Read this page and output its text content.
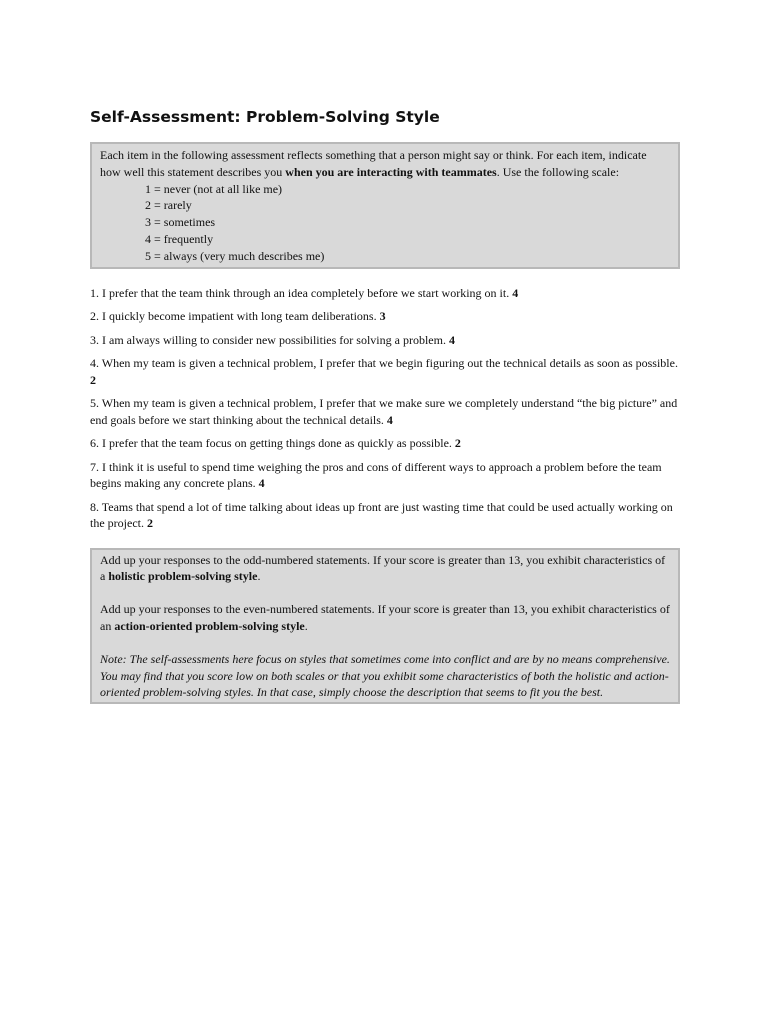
Self-Assessment: Problem-Solving Style

Each item in the following assessment reflects something that a person might say or think. For each item, indicate how well this statement describes you when you are interacting with teammates. Use the following scale:

1 = never (not at all like me)
2 = rarely
3 = sometimes
4 = frequently
5 = always (very much describes me)
1. I prefer that the team think through an idea completely before we start working on it. 4
2. I quickly become impatient with long team deliberations. 3
3. I am always willing to consider new possibilities for solving a problem. 4
4. When my team is given a technical problem, I prefer that we begin figuring out the technical details as soon as possible. 2
5. When my team is given a technical problem, I prefer that we make sure we completely understand “the big picture” and end goals before we start thinking about the technical details. 4
6. I prefer that the team focus on getting things done as quickly as possible. 2
7. I think it is useful to spend time weighing the pros and cons of different ways to approach a problem before the team begins making any concrete plans. 4
8. Teams that spend a lot of time talking about ideas up front are just wasting time that could be used actually working on the project. 2

Add up your responses to the odd-numbered statements. If your score is greater than 13, you exhibit characteristics of a holistic problem-solving style.

Add up your responses to the even-numbered statements. If your score is greater than 13, you exhibit characteristics of an action-oriented problem-solving style.

Note: The self-assessments here focus on styles that sometimes come into conflict and are by no means comprehensive. You may find that you score low on both scales or that you exhibit some characteristics of both the holistic and action-oriented problem-solving styles. In that case, simply choose the description that seems to fit you the best.
